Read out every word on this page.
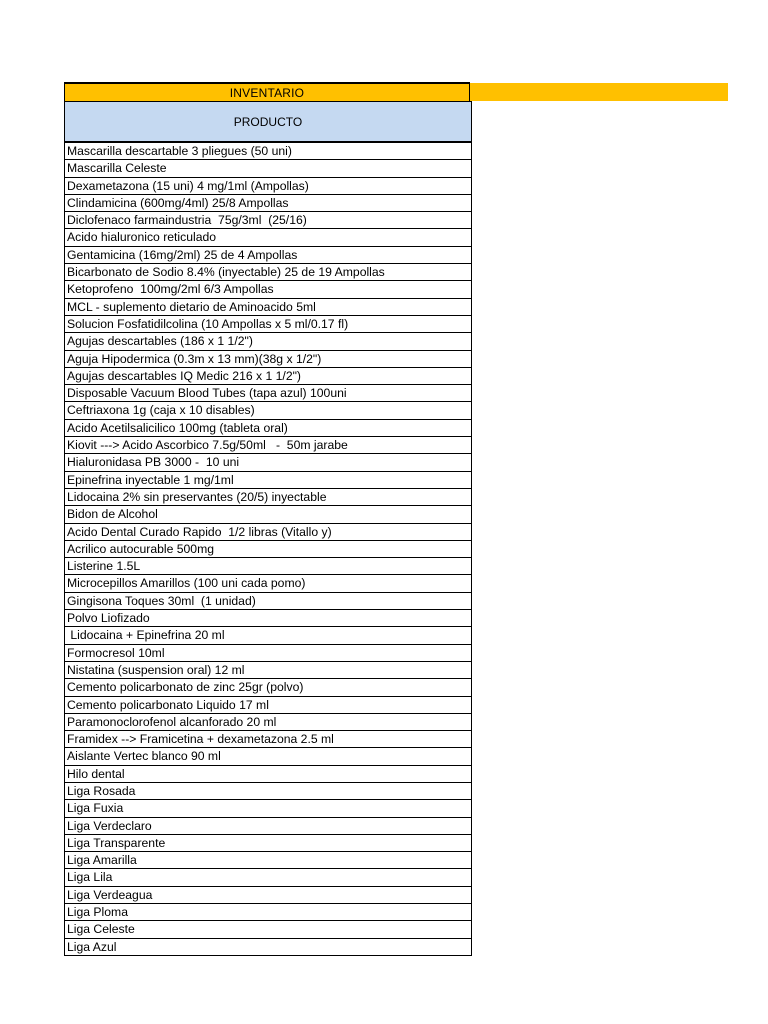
INVENTARIO
PRODUCTO
Mascarilla descartable 3 pliegues (50 uni)
Mascarilla Celeste
Dexametazona (15 uni) 4 mg/1ml (Ampollas)
Clindamicina (600mg/4ml) 25/8 Ampollas
Diclofenaco farmaindustria  75g/3ml  (25/16)
Acido hialuronico reticulado
Gentamicina (16mg/2ml) 25 de 4 Ampollas
Bicarbonato de Sodio 8.4% (inyectable) 25 de 19 Ampollas
Ketoprofeno  100mg/2ml 6/3 Ampollas
MCL - suplemento dietario de Aminoacido 5ml
Solucion Fosfatidilcolina (10 Ampollas x 5 ml/0.17 fl)
Agujas descartables (186 x 1 1/2")
Aguja Hipodermica (0.3m x 13 mm)(38g x 1/2")
Agujas descartables IQ Medic 216 x 1 1/2")
Disposable Vacuum Blood Tubes (tapa azul) 100uni
Ceftriaxona 1g (caja x 10 disables)
Acido Acetilsalicilico 100mg (tableta oral)
Kiovit ---> Acido Ascorbico 7.5g/50ml   -  50m jarabe
Hialuronidasa PB 3000 -  10 uni
Epinefrina inyectable 1 mg/1ml
Lidocaina 2% sin preservantes (20/5) inyectable
Bidon de Alcohol
Acido Dental Curado Rapido  1/2 libras (Vitallo y)
Acrilico autocurable 500mg
Listerine 1.5L
Microcepillos Amarillos (100 uni cada pomo)
Gingisona Toques 30ml  (1 unidad)
Polvo Liofizado
Lidocaina + Epinefrina 20 ml
Formocresol 10ml
Nistatina (suspension oral) 12 ml
Cemento policarbonato de zinc 25gr (polvo)
Cemento policarbonato Liquido 17 ml
Paramonoclorofenol alcanforado 20 ml
Framidex --> Framicetina + dexametazona 2.5 ml
Aislante Vertec blanco 90 ml
Hilo dental
Liga Rosada
Liga Fuxia
Liga Verdeclaro
Liga Transparente
Liga Amarilla
Liga Lila
Liga Verdeagua
Liga Ploma
Liga Celeste
Liga Azul
